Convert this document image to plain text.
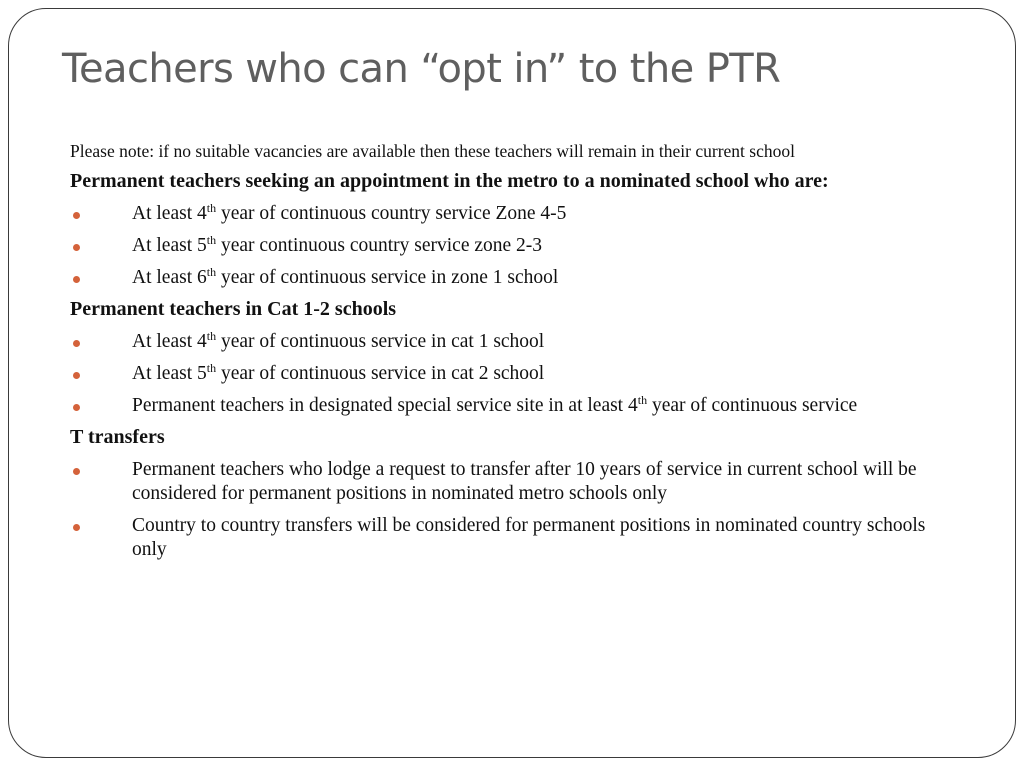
Teachers who can “opt in” to the PTR

Please note: if no suitable vacancies are available then these teachers will remain in their current school

Permanent teachers seeking an appointment in the metro to a nominated school who are:

At least 4th year of continuous country service Zone 4-5
At least 5th year continuous country service zone 2-3
At least 6th year of continuous service in zone 1 school

Permanent teachers in Cat 1-2 schools

At least 4th year of continuous service in cat 1 school
At least 5th year of continuous service in cat 2 school
Permanent teachers in designated special service site in at least 4th year of continuous service

T transfers

Permanent teachers who lodge a request to transfer after 10 years of service in current school will be considered for permanent positions in nominated metro schools only
Country to country transfers will be considered for permanent positions in nominated country schools only
